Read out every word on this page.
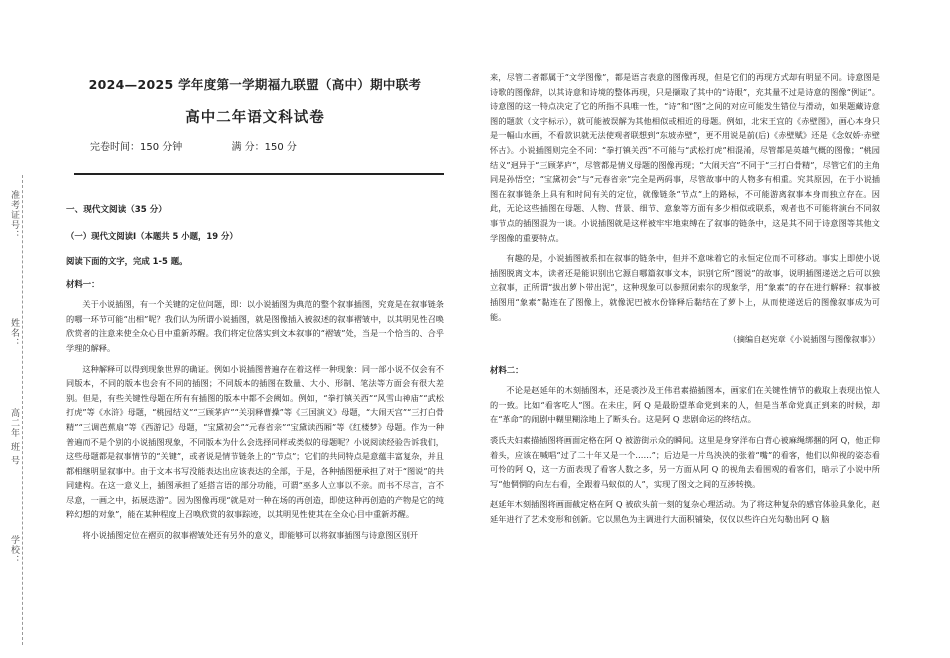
准考证号：
姓名：
高二年 班 号
学校：
2024—2025 学年度第一学期福九联盟（高中）期中联考
高中二年语文科试卷
完卷时间：150 分钟	满 分：150 分
一、现代文阅读（35 分）
（一）现代文阅读Ⅰ（本题共 5 小题，19 分）
阅读下面的文字，完成 1-5 题。
材料一：

关于小说插图，有一个关键的定位问题，即：以小说插图为典范的整个叙事插图，究竟是在叙事链条的哪一环节可能“出相”呢？我们认为所谓小说插图，就是图像插入被叙述的叙事褶皱中，以其明见性召唤欣赏者的注意来使全众心目中重新苏醒。我们将定位落实到文本叙事的“褶皱”处，当是一个恰当的、合乎学理的解释。

这种解释可以得到现象世界的确证。例如小说插图普遍存在着这样一种现象：同一部小说不仅会有不同版本，不同的版本也会有不同的插图；不同版本的插图在数量、大小、形制、笔法等方面会有很大差别。但是，有些关键性母题在所有有插图的版本中都不会阙如。例如，“拳打镇关西”“风雪山神庙”“武松打虎”等《水浒》母题，“桃园结义”“三顾茅庐”“关羽释曹操”等《三国演义》母题，“大闹天宫”“三打白骨精”“三调芭蕉扇”等《西游记》母题，“宝黛初会”“元春省亲”“宝黛读西厢”等《红楼梦》母题。作为一种普遍而不是个别的小说插图现象，不同版本为什么会选择同样或类似的母题呢？小说阅读经验告诉我们，这些母题都是叙事情节的“关键”，或者说是情节链条上的“节点”；它们的共同特点是意蕴丰富复杂，并且都相继明显叙事中。由于文本书写没能表达出应该表达的全部，于是，各种插图便承担了对于“图说”的共同建构。在这一意义上，插图承担了延搭言语的部分功能，可谓“巫多人立事以不亲。而书不尽言，言不尽意，一画之中，拓展迭游”。因为图像再现“就是对一种在场的再创造，即使这种再创造的产物是它的纯粹幻想的对象”，能在某种程度上召唤欣赏的叙事踪迹，以其明见性使其在全众心目中重新苏醒。

将小说插图定位在褶页的叙事褶皱处还有另外的意义，即能够可以将叙事插图与诗意图区别开

来，尽管二者都属于“文学图像”，都是语言表意的图像再现，但是它们的再现方式却有明显不同。诗意图是诗歌的图像辞，以其诗意和诗境的整体再现，只是撷取了其中的“诗眼”，充其量不过是诗意的图像“例证”。诗意图的这一特点决定了它的所指不具唯一性，“诗”和“图”之间的对应可能发生错位与滑动，如果题藏诗意图的题款（文字标示），就可能被误解为其他相似或相近的母题。例如，北宋王宜的《赤壁图》，画心本身只是一幅山水画，不看款识就无法使观者联想到“东坡赤壁”，更不用说是前(后)《赤壁赋》还是《念奴娇·赤壁怀古》。小说插图则完全不同：“拳打镇关西”不可能与“武松打虎”相混淆，尽管都是英雄气概的图像；“桃园结义”迥异于“三顾茅庐”，尽管都是情义母题的图像再现；“大闹天宫”不同于“三打白骨精”，尽管它们的主角同是孙悟空；“宝黛初会”与“元春省亲”完全是两码事，尽管故事中的人物多有相重。究其原因，在于小说插图在叙事链条上具有和时间有关的定位，就像链条“节点”上的路标，不可能游离叙事本身而独立存在。因此，无论这些插图在母题、人物、背景、细节、意象等方面有多少相似或联系，观者也不可能将演台不同叙事节点的插图混为一谈。小说插图就是这样被牢牢地束缚在了叙事的链条中，这是其不同于诗意图等其他文学图像的重要特点。

有趣的是，小说插图被系扣在叙事的链条中，但并不意味着它的永恒定位而不可移动。事实上即使小说插图脱离文本，读者还是能识别出它源自哪篇叙事文本，识别它所“图说”的故事，说明插图递送之后可以独立叙事，正所谓“拔出萝卜带出泥”，这种现象可以参照闭索尔的现象学，用“象素”的存在进行解释：叙事被插图用“象素”黏连在了图像上，就像泥巴被水份锋释后黏结在了萝卜上，从而使递送后的图像叙事成为可能。

（摘编自赵宪章《小说插图与图像叙事》）
材料二：

不论是赵延年的木刻插图本，还是裘沙及王伟君素描插图本，画家们在关键性情节的截取上表现出惊人的一致。比如“看客吃人”图。在未庄，阿 Q 是最盼望革命党到来的人，但是当革命党真正到来的时候，却在“革命”的闹剧中糊里糊涂地上了断头台。这是阿 Q 悲剧命运的终结点。

裘氏夫妇素描插图将画面定格在阿 Q 被游街示众的瞬间。这里是身穿洋布白背心被麻绳绑捆的阿 Q，他正仰着头，应该在喊唱“过了二十年又是一个……”；后边是一片鸟泱泱的张着“嘴”的看客，他们以仰视的姿态看可怜的阿 Q，这一方面表现了看客人数之多，另一方面从阿 Q 的视角去看围观的看客们，暗示了小说中所写“他惘惘的向左右看，全跟着马蚁似的人”，实现了图文之间的互涉转换。

赵延年木刻插图将画面截定格在阿 Q 被砍头前一刻的复杂心理活动。为了将这种复杂的感官体验具象化，赵延年进行了艺术变形和创新。它以黑色为主调进行大面积铺染，仅仅以些许白光勾勒出阿 Q 脑
